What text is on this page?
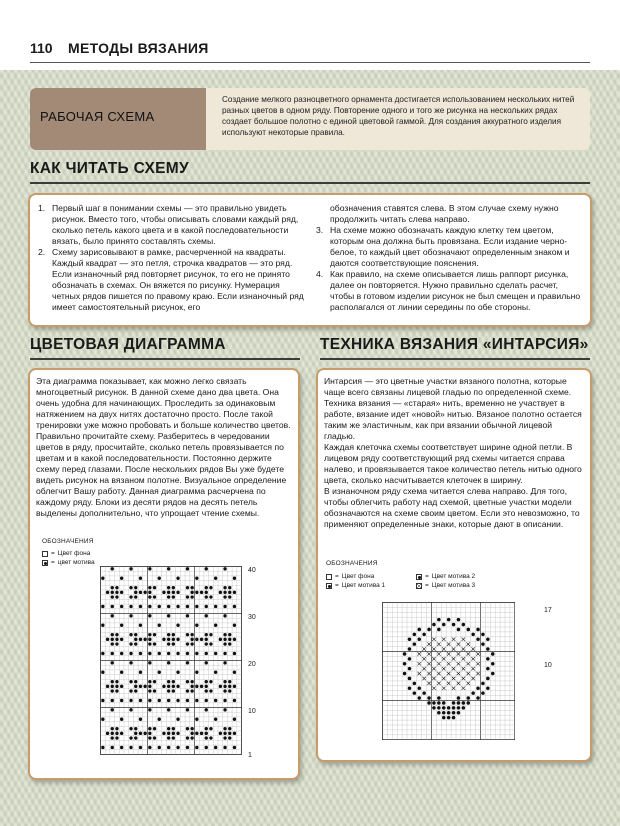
110 МЕТОДЫ ВЯЗАНИЯ
РАБОЧАЯ СХЕМА
Создание мелкого разноцветного орнамента достигается использованием нескольких нитей разных цветов в одном ряду. Повторение одного и того же рисунка на нескольких рядах создает большое полотно с единой цветовой гаммой. Для создания аккуратного изделия используют некоторые правила.
КАК ЧИТАТЬ СХЕМУ
1. Первый шаг в понимании схемы — это правильно увидеть рисунок. Вместо того, чтобы описывать словами каждый ряд, сколько петель какого цвета и в какой последовательности вязать, было принято составлять схемы.
2. Схему зарисовывают в рамке, расчерченной на квадраты. Каждый квадрат — это петля, строчка квадратов — это ряд. Если изнаночный ряд повторяет рисунок, то его не принято обозначать в схемах. Он вяжется по рисунку. Нумерация четных рядов пишется по правому краю. Если изнаночный ряд имеет самостоятельный рисунок, его
обозначения ставятся слева. В этом случае схему нужно продолжить читать слева направо.
3. На схеме можно обозначать каждую клетку тем цветом, которым она должна быть провязана. Если издание черно-белое, то каждый цвет обозначают определенным знаком и даются соответствующие пояснения.
4. Как правило, на схеме описывается лишь раппорт рисунка, далее он повторяется. Нужно правильно сделать расчет, чтобы в готовом изделии рисунок не был смещен и правильно располагался от линии середины по обе стороны.
ЦВЕТОВАЯ ДИАГРАММА	ТЕХНИКА ВЯЗАНИЯ «ИНТАРСИЯ»

Эта диаграмма показывает, как можно легко связать многоцветный рисунок. В данной схеме дано два цвета. Она очень удобна для начинающих. Проследить за одинаковым натяжением на двух нитях достаточно просто. После такой тренировки уже можно пробовать и больше количество цветов.

Правильно прочитайте схему. Разберитесь в чередовании цветов в ряду, просчитайте, сколько петель провязывается по цветам и в какой последовательности. Постоянно держите схему перед глазами. После нескольких рядов Вы уже будете видеть рисунок на вязаном полотне. Визуальное определение облегчит Вашу работу. Данная диаграмма расчерчена по каждому ряду. Блоки из десяти рядов на десять петель выделены дополнительно, что упрощает чтение схемы.

ОБОЗНАЧЕНИЯ
= Цвет фона
= цвет мотива
40
30
20
10
1

Интарсия — это цветные участки вязаного полотна, которые чаще всего связаны лицевой гладью по определенной схеме. Техника вязания — «старая» нить, временно не участвует в работе, вязание идет «новой» нитью. Вязаное полотно остается таким же эластичным, как при вязании обычной лицевой гладью.

Каждая клеточка схемы соответствует ширине одной петли. В лицевом ряду соответствующий ряд схемы читается справа налево, и провязывается такое количество петель нитью одного цвета, сколько насчитывается клеточек в ширину.

В изнаночном ряду схема читается слева направо. Для того, чтобы облегчить работу над схемой, цветные участки модели обозначаются на схеме своим цветом. Если это невозможно, то применяют определенные знаки, которые дают в описании.

ОБОЗНАЧЕНИЯ
= Цвет фона
= Цвет мотива 1
= Цвет мотива 2
= Цвет мотива 3
17
10
